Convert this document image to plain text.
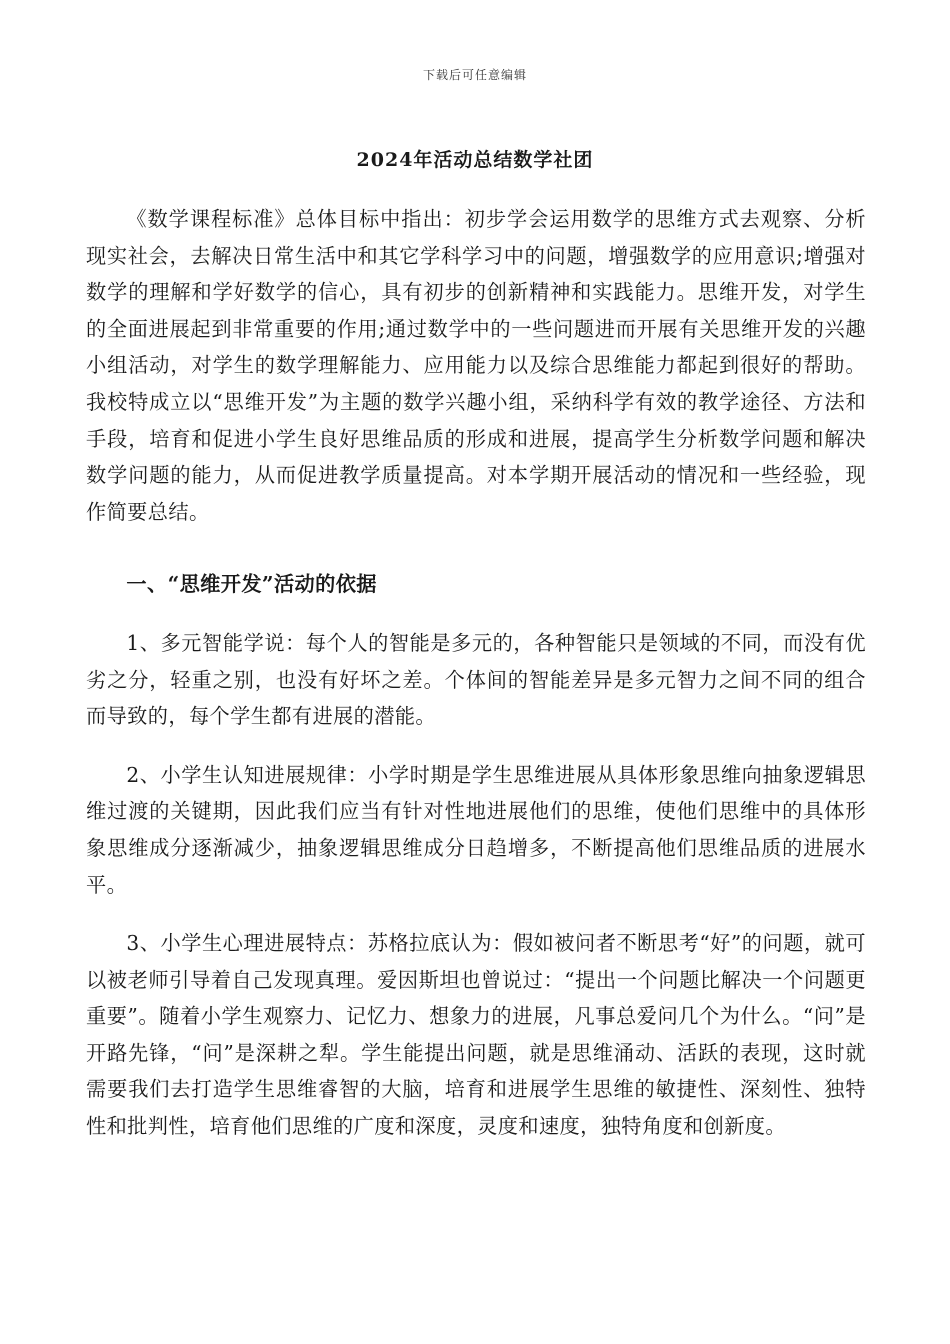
下载后可任意编辑
2024年活动总结数学社团

《数学课程标准》总体目标中指出：初步学会运用数学的思维方式去观察、分析现实社会，去解决日常生活中和其它学科学习中的问题，增强数学的应用意识;增强对数学的理解和学好数学的信心，具有初步的创新精神和实践能力。思维开发，对学生的全面进展起到非常重要的作用;通过数学中的一些问题进而开展有关思维开发的兴趣小组活动，对学生的数学理解能力、应用能力以及综合思维能力都起到很好的帮助。我校特成立以“思维开发”为主题的数学兴趣小组，采纳科学有效的教学途径、方法和手段，培育和促进小学生良好思维品质的形成和进展，提高学生分析数学问题和解决数学问题的能力，从而促进教学质量提高。对本学期开展活动的情况和一些经验，现作简要总结。

一、“思维开发”活动的依据

1、多元智能学说：每个人的智能是多元的，各种智能只是领域的不同，而没有优劣之分，轻重之别，也没有好坏之差。个体间的智能差异是多元智力之间不同的组合而导致的，每个学生都有进展的潜能。

2、小学生认知进展规律：小学时期是学生思维进展从具体形象思维向抽象逻辑思维过渡的关键期，因此我们应当有针对性地进展他们的思维，使他们思维中的具体形象思维成分逐渐减少，抽象逻辑思维成分日趋增多，不断提高他们思维品质的进展水平。

3、小学生心理进展特点：苏格拉底认为：假如被问者不断思考“好”的问题，就可以被老师引导着自己发现真理。爱因斯坦也曾说过：“提出一个问题比解决一个问题更重要”。随着小学生观察力、记忆力、想象力的进展，凡事总爱问几个为什么。“问”是开路先锋，“问”是深耕之犁。学生能提出问题，就是思维涌动、活跃的表现，这时就需要我们去打造学生思维睿智的大脑，培育和进展学生思维的敏捷性、深刻性、独特性和批判性，培育他们思维的广度和深度，灵度和速度，独特角度和创新度。
